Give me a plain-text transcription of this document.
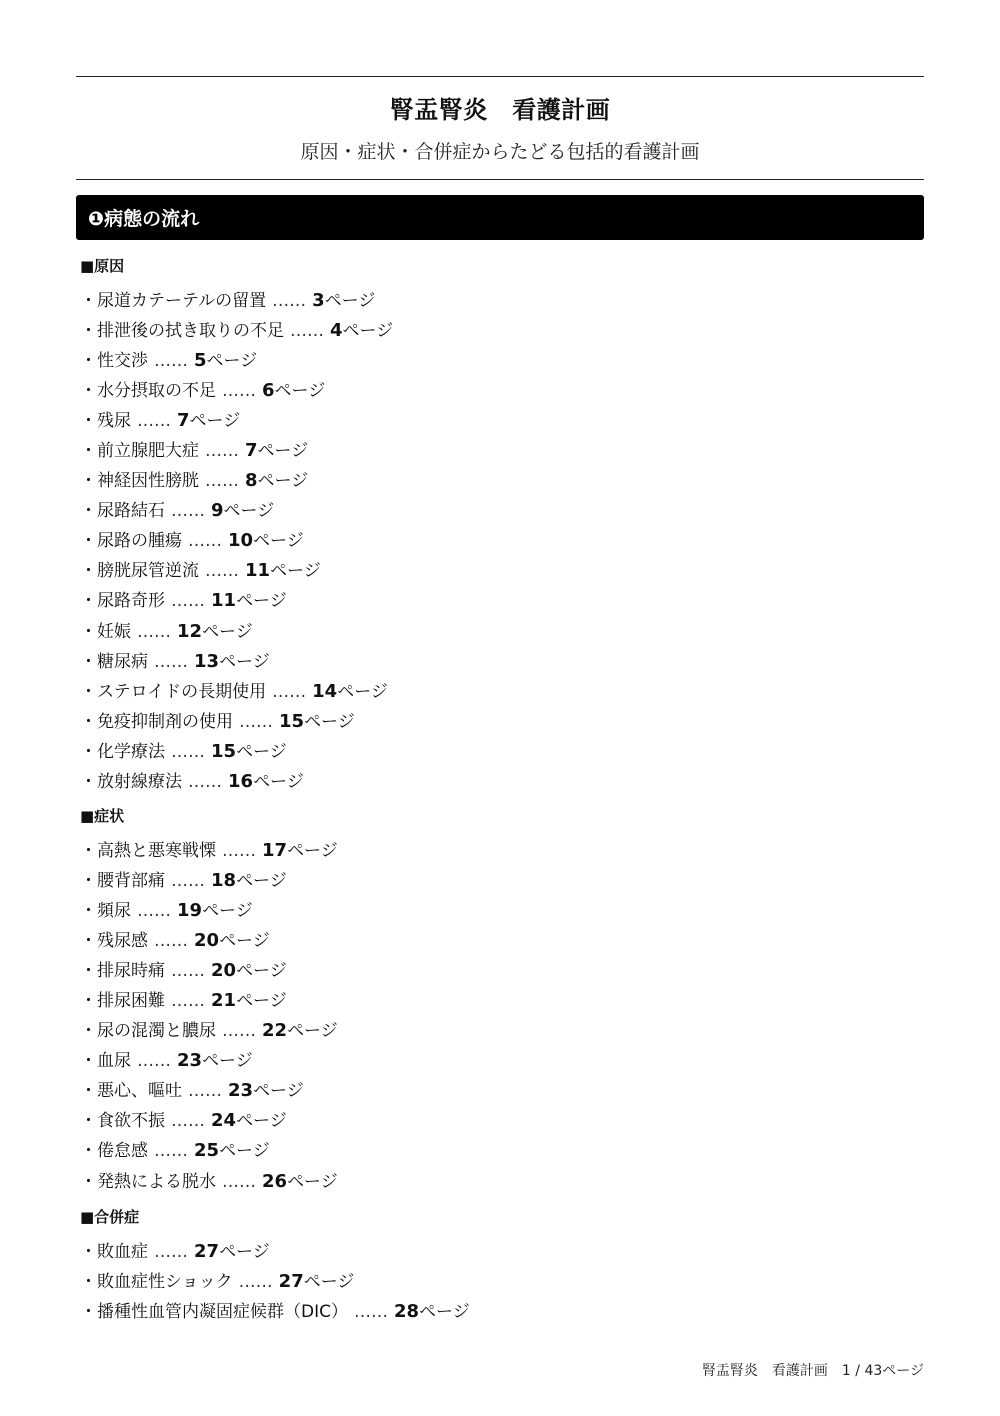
腎盂腎炎　看護計画
原因・症状・合併症からたどる包括的看護計画
❶病態の流れ
■原因
・尿道カテーテルの留置 …… 3ページ
・排泄後の拭き取りの不足 …… 4ページ
・性交渉 …… 5ページ
・水分摂取の不足 …… 6ページ
・残尿 …… 7ページ
・前立腺肥大症 …… 7ページ
・神経因性膀胱 …… 8ページ
・尿路結石 …… 9ページ
・尿路の腫瘍 …… 10ページ
・膀胱尿管逆流 …… 11ページ
・尿路奇形 …… 11ページ
・妊娠 …… 12ページ
・糖尿病 …… 13ページ
・ステロイドの長期使用 …… 14ページ
・免疫抑制剤の使用 …… 15ページ
・化学療法 …… 15ページ
・放射線療法 …… 16ページ
■症状
・高熱と悪寒戦慄 …… 17ページ
・腰背部痛 …… 18ページ
・頻尿 …… 19ページ
・残尿感 …… 20ページ
・排尿時痛 …… 20ページ
・排尿困難 …… 21ページ
・尿の混濁と膿尿 …… 22ページ
・血尿 …… 23ページ
・悪心、嘔吐 …… 23ページ
・食欲不振 …… 24ページ
・倦怠感 …… 25ページ
・発熱による脱水 …… 26ページ
■合併症
・敗血症 …… 27ページ
・敗血症性ショック …… 27ページ
・播種性血管内凝固症候群（DIC） …… 28ページ
腎盂腎炎　看護計画　1 / 43ページ
